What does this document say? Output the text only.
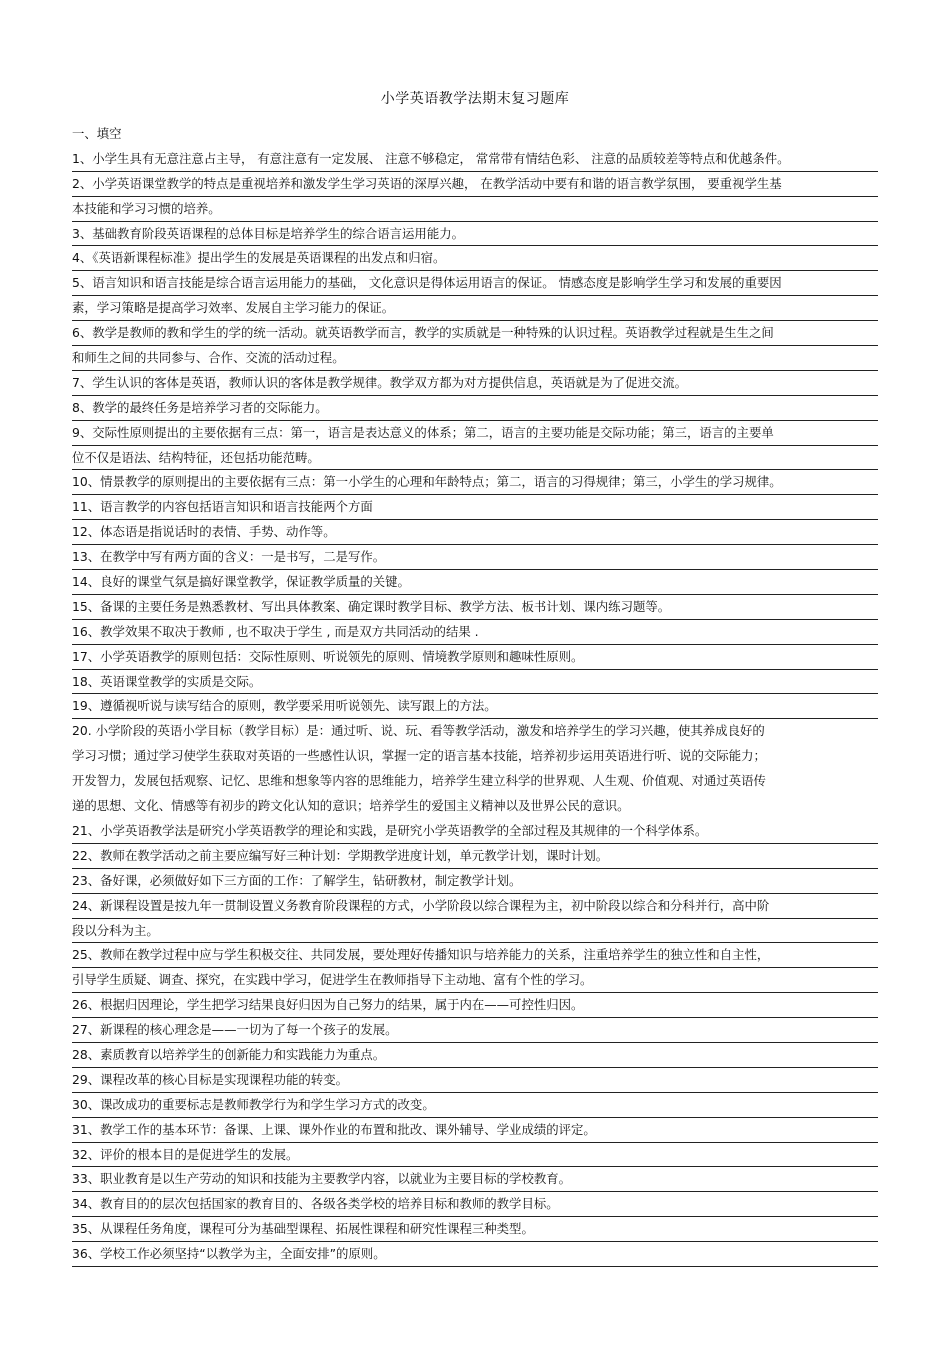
小学英语教学法期末复习题库
一、填空
1、小学生具有无意注意占主导， 有意注意有一定发展、 注意不够稳定， 常常带有情结色彩、 注意的品质较差等特点和优越条件。
2、小学英语课堂教学的特点是重视培养和激发学生学习英语的深厚兴趣， 在教学活动中要有和谐的语言教学氛围， 要重视学生基
本技能和学习习惯的培养。
3、基础教育阶段英语课程的总体目标是培养学生的综合语言运用能力。
4、《英语新课程标准》提出学生的发展是英语课程的出发点和归宿。
5、语言知识和语言技能是综合语言运用能力的基础， 文化意识是得体运用语言的保证。 情感态度是影响学生学习和发展的重要因
素，学习策略是提高学习效率、发展自主学习能力的保证。
6、教学是教师的教和学生的学的统一活动。就英语教学而言，教学的实质就是一种特殊的认识过程。英语教学过程就是生生之间
和师生之间的共同参与、合作、交流的活动过程。
7、学生认识的客体是英语，教师认识的客体是教学规律。教学双方都为对方提供信息，英语就是为了促进交流。
8、教学的最终任务是培养学习者的交际能力。
9、交际性原则提出的主要依据有三点：第一，语言是表达意义的体系；第二，语言的主要功能是交际功能；第三，语言的主要单
位不仅是语法、结构特征，还包括功能范畴。
10、情景教学的原则提出的主要依据有三点：第一小学生的心理和年龄特点；第二，语言的习得规律；第三，小学生的学习规律。
11、语言教学的内容包括语言知识和语言技能两个方面
12、体态语是指说话时的表情、手势、动作等。
13、在教学中写有两方面的含义：一是书写，二是写作。
14、良好的课堂气氛是搞好课堂教学，保证教学质量的关键。
15、备课的主要任务是熟悉教材、写出具体教案、确定课时教学目标、教学方法、板书计划、课内练习题等。
16、教学效果不取决于教师 , 也不取决于学生 , 而是双方共同活动的结果 .
17、小学英语教学的原则包括：交际性原则、听说领先的原则、情境教学原则和趣味性原则。
18、英语课堂教学的实质是交际。
19、遵循视听说与读写结合的原则，教学要采用听说领先、读写跟上的方法。
20. 小学阶段的英语小学目标（教学目标）是：通过听、说、玩、看等教学活动，激发和培养学生的学习兴趣，使其养成良好的
学习习惯；通过学习使学生获取对英语的一些感性认识，掌握一定的语言基本技能，培养初步运用英语进行听、说的交际能力；
开发智力，发展包括观察、记忆、思维和想象等内容的思维能力，培养学生建立科学的世界观、人生观、价值观、对通过英语传
递的思想、文化、情感等有初步的跨文化认知的意识；培养学生的爱国主义精神以及世界公民的意识。
21、小学英语教学法是研究小学英语教学的理论和实践，是研究小学英语教学的全部过程及其规律的一个科学体系。
22、教师在教学活动之前主要应编写好三种计划：学期教学进度计划，单元教学计划，课时计划。
23、备好课，必须做好如下三方面的工作：了解学生，钻研教材，制定教学计划。
24、新课程设置是按九年一贯制设置义务教育阶段课程的方式，小学阶段以综合课程为主，初中阶段以综合和分科并行，高中阶
段以分科为主。
25、教师在教学过程中应与学生积极交往、共同发展，要处理好传播知识与培养能力的关系，注重培养学生的独立性和自主性，
引导学生质疑、调查、探究，在实践中学习，促进学生在教师指导下主动地、富有个性的学习。
26、根据归因理论，学生把学习结果良好归因为自己努力的结果，属于内在——可控性归因。
27、新课程的核心理念是——一切为了每一个孩子的发展。
28、素质教育以培养学生的创新能力和实践能力为重点。
29、课程改革的核心目标是实现课程功能的转变。
30、课改成功的重要标志是教师教学行为和学生学习方式的改变。
31、教学工作的基本环节：备课、上课、课外作业的布置和批改、课外辅导、学业成绩的评定。
32、评价的根本目的是促进学生的发展。
33、职业教育是以生产劳动的知识和技能为主要教学内容，以就业为主要目标的学校教育。
34、教育目的的层次包括国家的教育目的、各级各类学校的培养目标和教师的教学目标。
35、从课程任务角度，课程可分为基础型课程、拓展性课程和研究性课程三种类型。
36、学校工作必须坚持“以教学为主，全面安排”的原则。
